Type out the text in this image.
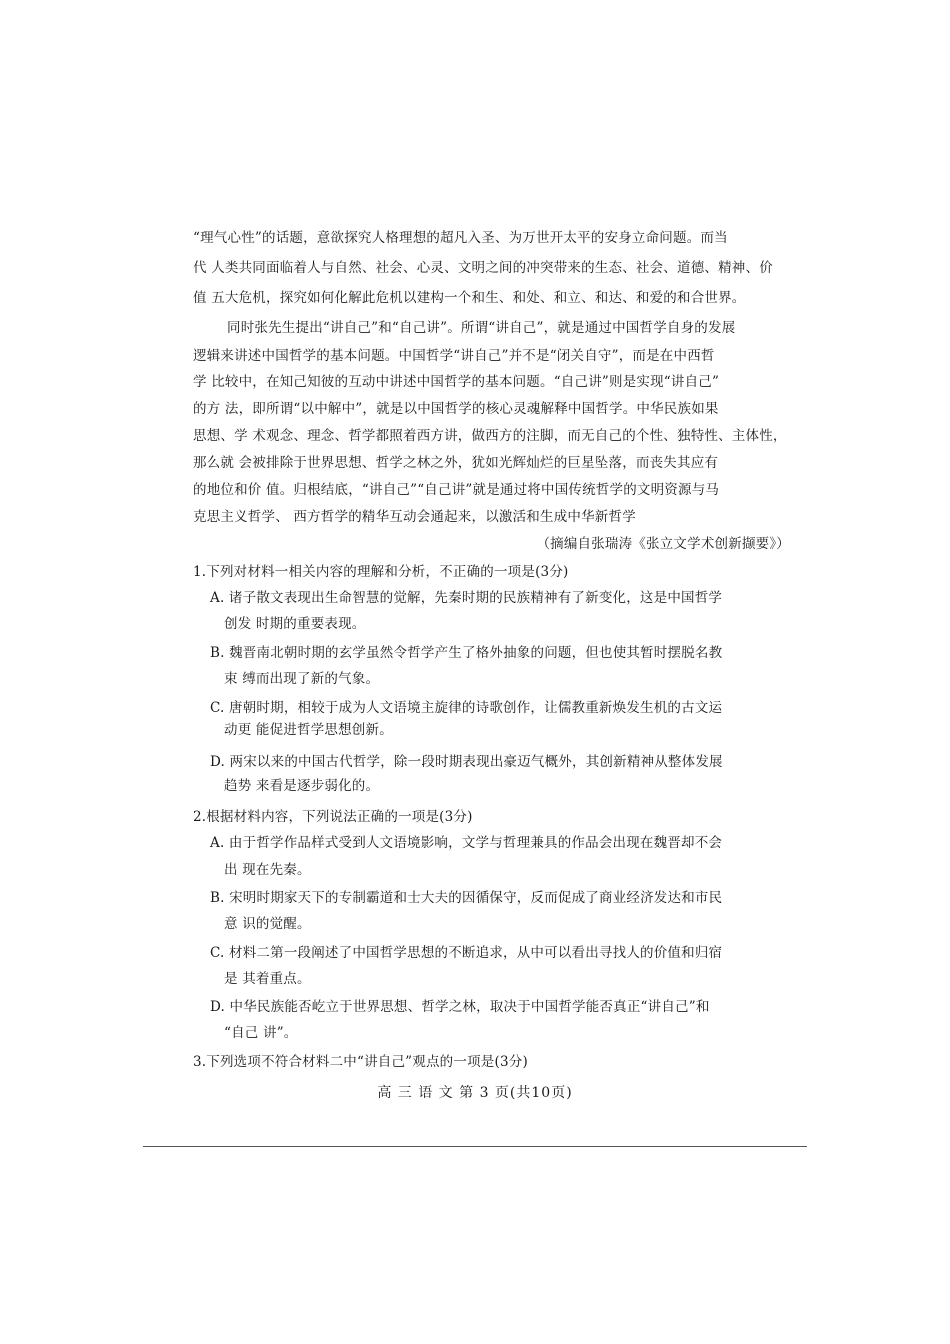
“理气心性”的话题，意欲探究人格理想的超凡入圣、为万世开太平的安身立命问题。而当
代 人类共同面临着人与自然、社会、心灵、文明之间的冲突带来的生态、社会、道德、精神、价
值 五大危机，探究如何化解此危机以建构一个和生、和处、和立、和达、和爱的和合世界。
同时张先生提出“讲自己”和“自己讲”。所谓“讲自己”，就是通过中国哲学自身的发展
逻辑来讲述中国哲学的基本问题。中国哲学“讲自己”并不是“闭关自守”，而是在中西哲
学 比较中，在知己知彼的互动中讲述中国哲学的基本问题。“自己讲”则是实现“讲自己”
的方 法，即所谓“以中解中”，就是以中国哲学的核心灵魂解释中国哲学。中华民族如果
思想、学 术观念、理念、哲学都照着西方讲，做西方的注脚，而无自己的个性、独特性、主体性，
那么就 会被排除于世界思想、哲学之林之外，犹如光辉灿烂的巨星坠落，而丧失其应有
的地位和价 值。归根结底，“讲自己”“自己讲”就是通过将中国传统哲学的文明资源与马
克思主义哲学、 西方哲学的精华互动会通起来，以激活和生成中华新哲学
（摘编自张瑞涛《张立文学术创新撷要》）
1.下列对材料一相关内容的理解和分析，不正确的一项是(3分)
A. 诸子散文表现出生命智慧的觉解，先秦时期的民族精神有了新变化，这是中国哲学
创发 时期的重要表现。
B. 魏晋南北朝时期的玄学虽然令哲学产生了格外抽象的问题，但也使其暂时摆脱名教
束 缚而出现了新的气象。
C. 唐朝时期，相较于成为人文语境主旋律的诗歌创作，让儒教重新焕发生机的古文运
动更 能促进哲学思想创新。
D. 两宋以来的中国古代哲学，除一段时期表现出豪迈气概外，其创新精神从整体发展
趋势 来看是逐步弱化的。
2.根据材料内容，下列说法正确的一项是(3分)
A. 由于哲学作品样式受到人文语境影响，文学与哲理兼具的作品会出现在魏晋却不会
出 现在先秦。
B. 宋明时期家天下的专制霸道和士大夫的因循保守，反而促成了商业经济发达和市民
意 识的觉醒。
C. 材料二第一段阐述了中国哲学思想的不断追求，从中可以看出寻找人的价值和归宿
是 其着重点。
D. 中华民族能否屹立于世界思想、哲学之林，取决于中国哲学能否真正“讲自己”和
“自己 讲”。
3.下列选项不符合材料二中“讲自己”观点的一项是(3分)
高 三 语 文 第 3 页(共10页)
